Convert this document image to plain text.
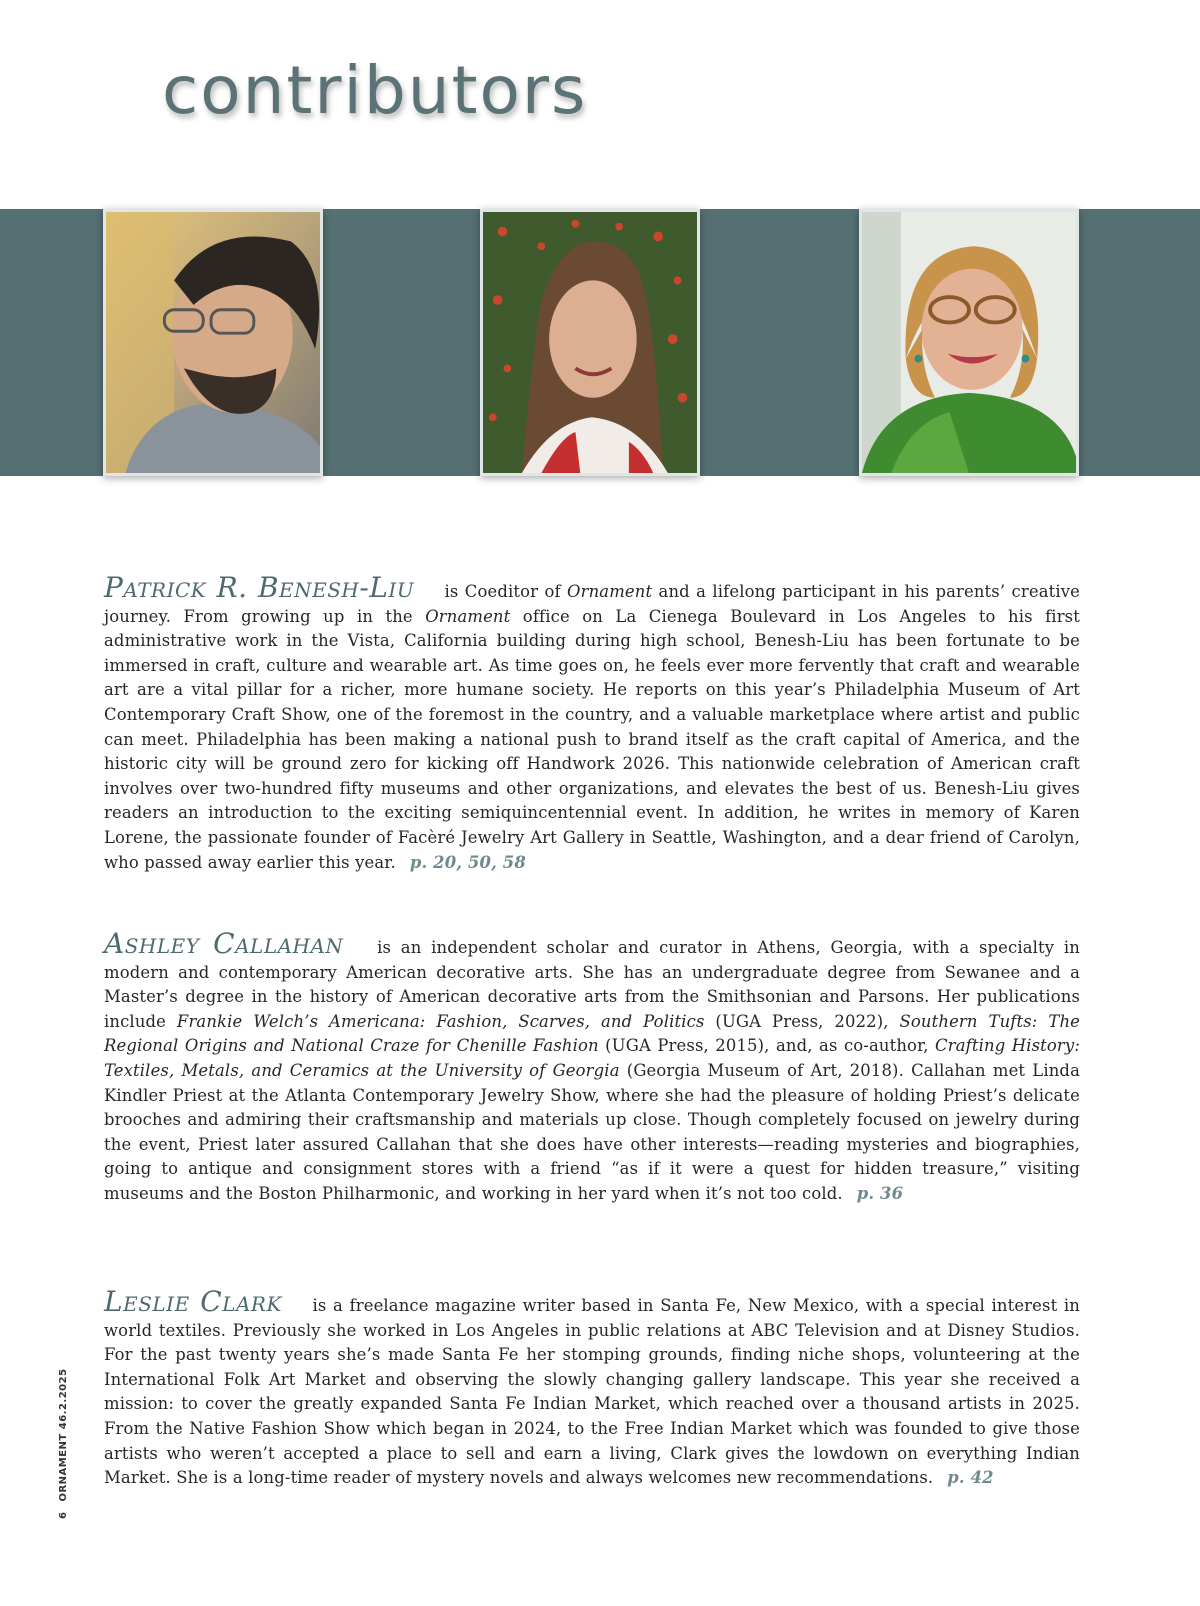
contributors
Patrick R. Benesh-Liu is Coeditor of Ornament and a lifelong participant in his parents’ creative journey. From growing up in the Ornament office on La Cienega Boulevard in Los Angeles to his first administrative work in the Vista, California building during high school, Benesh-Liu has been fortunate to be immersed in craft, culture and wearable art. As time goes on, he feels ever more fervently that craft and wearable art are a vital pillar for a richer, more humane society. He reports on this year’s Philadelphia Museum of Art Contemporary Craft Show, one of the foremost in the country, and a valuable marketplace where artist and public can meet. Philadelphia has been making a national push to brand itself as the craft capital of America, and the historic city will be ground zero for kicking off Handwork 2026. This nationwide celebration of American craft involves over two-hundred fifty museums and other organizations, and elevates the best of us. Benesh-Liu gives readers an introduction to the exciting semiquincentennial event. In addition, he writes in memory of Karen Lorene, the passionate founder of Facèré Jewelry Art Gallery in Seattle, Washington, and a dear friend of Carolyn, who passed away earlier this year. p. 20, 50, 58
Ashley Callahan is an independent scholar and curator in Athens, Georgia, with a specialty in modern and contemporary American decorative arts. She has an undergraduate degree from Sewanee and a Master’s degree in the history of American decorative arts from the Smithsonian and Parsons. Her publications include Frankie Welch’s Americana: Fashion, Scarves, and Politics (UGA Press, 2022), Southern Tufts: The Regional Origins and National Craze for Chenille Fashion (UGA Press, 2015), and, as co-author, Crafting History: Textiles, Metals, and Ceramics at the University of Georgia (Georgia Museum of Art, 2018). Callahan met Linda Kindler Priest at the Atlanta Contemporary Jewelry Show, where she had the pleasure of holding Priest’s delicate brooches and admiring their craftsmanship and materials up close. Though completely focused on jewelry during the event, Priest later assured Callahan that she does have other interests—reading mysteries and biographies, going to antique and consignment stores with a friend “as if it were a quest for hidden treasure,” visiting museums and the Boston Philharmonic, and working in her yard when it’s not too cold. p. 36
Leslie Clark is a freelance magazine writer based in Santa Fe, New Mexico, with a special interest in world textiles. Previously she worked in Los Angeles in public relations at ABC Television and at Disney Studios. For the past twenty years she’s made Santa Fe her stomping grounds, finding niche shops, volunteering at the International Folk Art Market and observing the slowly changing gallery landscape. This year she received a mission: to cover the greatly expanded Santa Fe Indian Market, which reached over a thousand artists in 2025. From the Native Fashion Show which began in 2024, to the Free Indian Market which was founded to give those artists who weren’t accepted a place to sell and earn a living, Clark gives the lowdown on everything Indian Market. She is a long-time reader of mystery novels and always welcomes new recommendations. p. 42
6ORNAMENT 46.2.2025
